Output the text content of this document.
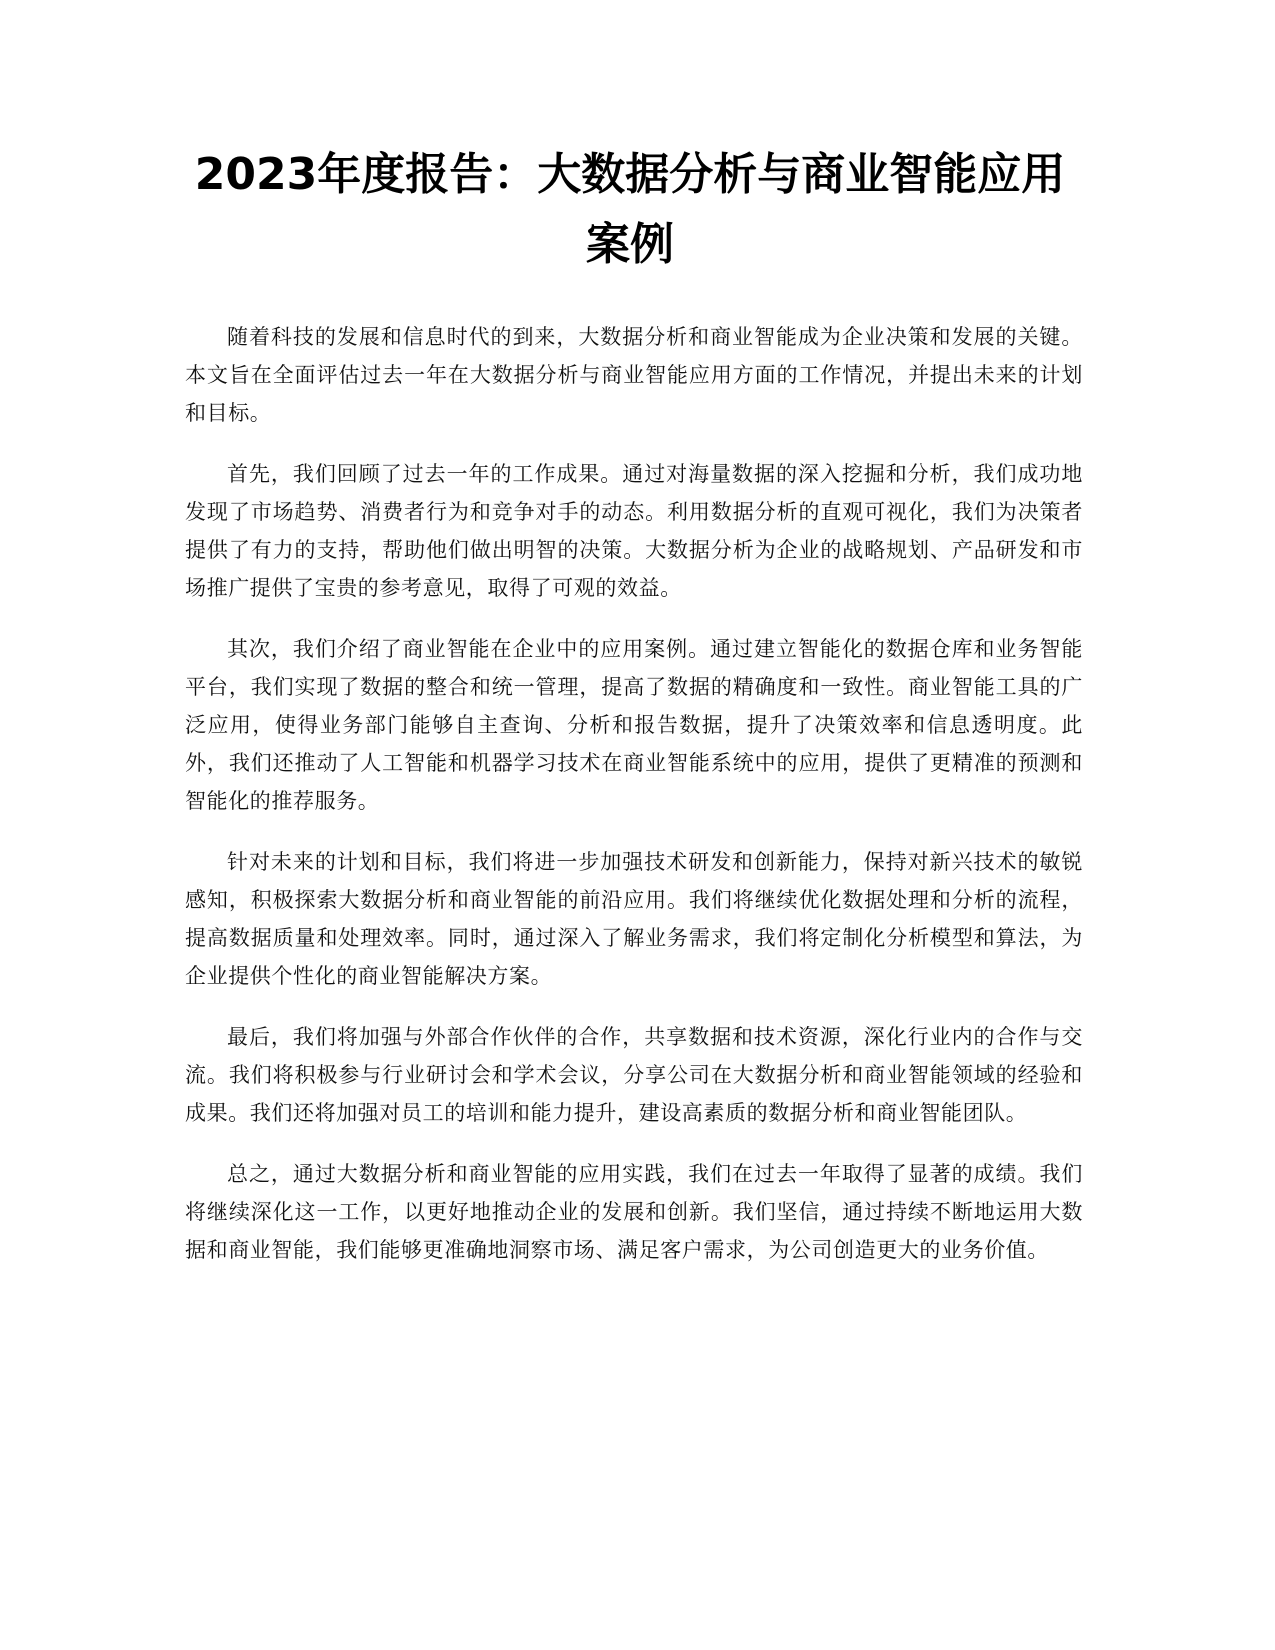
2023年度报告：大数据分析与商业智能应用案例

随着科技的发展和信息时代的到来，大数据分析和商业智能成为企业决策和发展的关键。本文旨在全面评估过去一年在大数据分析与商业智能应用方面的工作情况，并提出未来的计划和目标。

首先，我们回顾了过去一年的工作成果。通过对海量数据的深入挖掘和分析，我们成功地发现了市场趋势、消费者行为和竞争对手的动态。利用数据分析的直观可视化，我们为决策者提供了有力的支持，帮助他们做出明智的决策。大数据分析为企业的战略规划、产品研发和市场推广提供了宝贵的参考意见，取得了可观的效益。

其次，我们介绍了商业智能在企业中的应用案例。通过建立智能化的数据仓库和业务智能平台，我们实现了数据的整合和统一管理，提高了数据的精确度和一致性。商业智能工具的广泛应用，使得业务部门能够自主查询、分析和报告数据，提升了决策效率和信息透明度。此外，我们还推动了人工智能和机器学习技术在商业智能系统中的应用，提供了更精准的预测和智能化的推荐服务。

针对未来的计划和目标，我们将进一步加强技术研发和创新能力，保持对新兴技术的敏锐感知，积极探索大数据分析和商业智能的前沿应用。我们将继续优化数据处理和分析的流程，提高数据质量和处理效率。同时，通过深入了解业务需求，我们将定制化分析模型和算法，为企业提供个性化的商业智能解决方案。

最后，我们将加强与外部合作伙伴的合作，共享数据和技术资源，深化行业内的合作与交流。我们将积极参与行业研讨会和学术会议，分享公司在大数据分析和商业智能领域的经验和成果。我们还将加强对员工的培训和能力提升，建设高素质的数据分析和商业智能团队。

总之，通过大数据分析和商业智能的应用实践，我们在过去一年取得了显著的成绩。我们将继续深化这一工作，以更好地推动企业的发展和创新。我们坚信，通过持续不断地运用大数据和商业智能，我们能够更准确地洞察市场、满足客户需求，为公司创造更大的业务价值。
